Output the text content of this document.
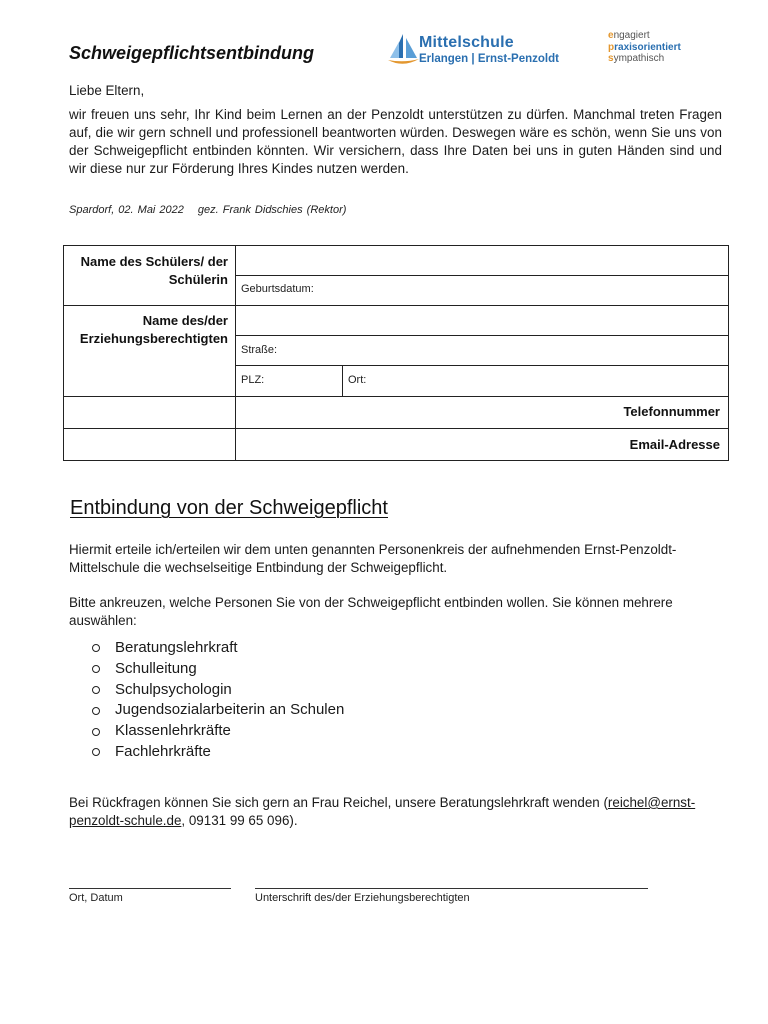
Schweigepflichtsentbindung
Mittelschule
Erlangen | Ernst-Penzoldt
engagiert
praxisorientiert
sympathisch
Liebe Eltern,
wir freuen uns sehr, Ihr Kind beim Lernen an der Penzoldt unterstützen zu dürfen. Manchmal treten Fragen auf, die wir gern schnell und professionell beantworten würden. Deswegen wäre es schön, wenn Sie uns von der Schweigepflicht entbinden könnten. Wir versichern, dass Ihre Daten bei uns in guten Händen sind und wir diese nur zur Förderung Ihres Kindes nutzen werden.
Spardorf, 02. Mai 2022 gez. Frank Didschies (Rektor)
Name des Schülers/ der Schülerin
Geburtsdatum:
Name des/der Erziehungsberechtigten
Straße:
PLZ:	Ort:
Telefonnummer
Email-Adresse
Entbindung von der Schweigepflicht
Hiermit erteile ich/erteilen wir dem unten genannten Personenkreis der aufnehmenden Ernst-Penzoldt-Mittelschule die wechselseitige Entbindung der Schweigepflicht.
Bitte ankreuzen, welche Personen Sie von der Schweigepflicht entbinden wollen. Sie können mehrere auswählen:
Beratungslehrkraft
Schulleitung
Schulpsychologin
Jugendsozialarbeiterin an Schulen
Klassenlehrkräfte
Fachlehrkräfte
Bei Rückfragen können Sie sich gern an Frau Reichel, unsere Beratungslehrkraft wenden (reichel@ernst-penzoldt-schule.de, 09131 99 65 096).
Ort, Datum	Unterschrift des/der Erziehungsberechtigten
